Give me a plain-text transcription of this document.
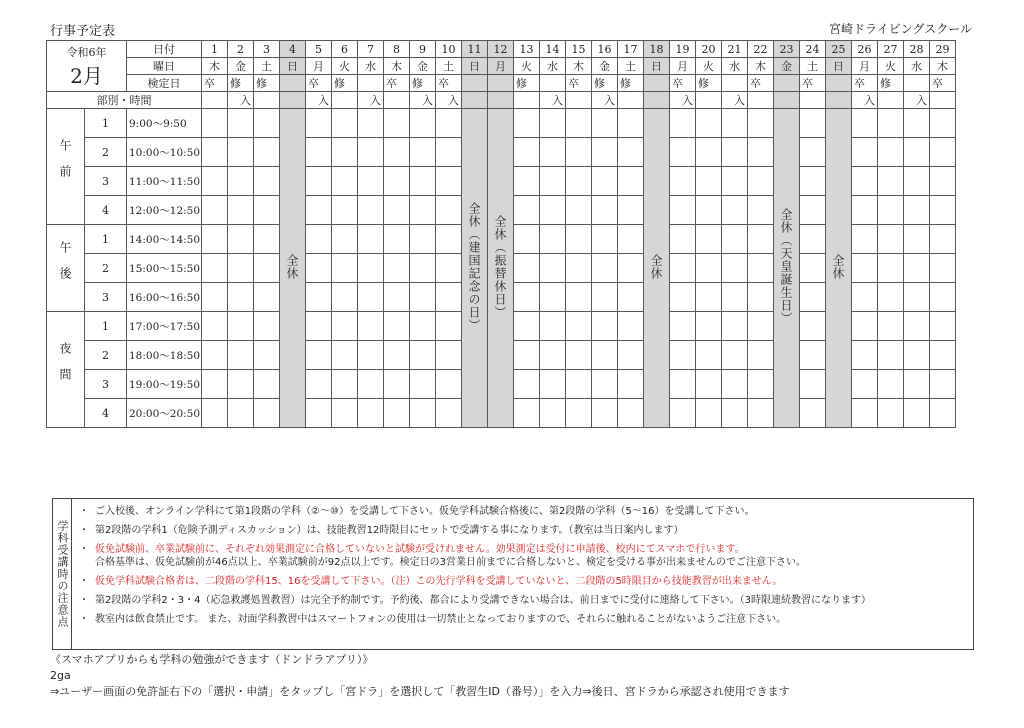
行事予定表	宮崎ドライビングスクール
令和6年
2月		日付	1	2	3	4	5	6	7	8	9	10	11	12	13	14	15	16	17	18	19	20	21	22	23	24	25	26	27	28	29
		曜日	木	金	土	日	月	火	水	木	金	土	日	月	火	水	木	金	土	日	月	火	水	木	金	土	日	月	火	水	木
		検定日	卒	修	修		卒	修		卒	修	卒			修		卒	修	修		卒	修		卒		卒		卒	修		卒
部別・時間				入			入		入		入	入				入		入			入		入					入		入	
午前	1	9:00〜9:50				全休							全休（建国記念の日）	全休（振替休日）						全休					全休（天皇誕生日）		全休				
	2	10:00〜10:50																													
	3	11:00〜11:50																													
	4	12:00〜12:50																													
午後	1	14:00〜14:50																													
	2	15:00〜15:50																													
	3	16:00〜16:50																													
夜間	1	17:00〜17:50																													
	2	18:00〜18:50																													
	3	19:00〜19:50																													
	4	20:00〜20:50																													
学科受講時の注意点
・ ご入校後、オンライン学科にて第1段階の学科（②〜⑩）を受講して下さい。仮免学科試験合格後に、第2段階の学科（5〜16）を受講して下さい。
・ 第2段階の学科1（危険予測ディスカッション）は、技能教習12時限目にセットで受講する事になります。（教室は当日案内します）
・ 仮免試験前、卒業試験前に、それぞれ効果測定に合格していないと試験が受けれません。効果測定は受付に申請後、校内にてスマホで行います。
合格基準は、仮免試験前が46点以上、卒業試験前が92点以上です。検定日の3営業日前までに合格しないと、検定を受ける事が出来ませんのでご注意下さい。
・ 仮免学科試験合格者は、二段階の学科15、16を受講して下さい。（注）この先行学科を受講していないと、二段階の5時限目から技能教習が出来ません。
・ 第2段階の学科2・3・4（応急救護処置教習）は完全予約制です。予約後、都合により受講できない場合は、前日までに受付に連絡して下さい。（3時限連続教習になります）
・ 教室内は飲食禁止です。 また、対面学科教習中はスマートフォンの使用は一切禁止となっておりますので、それらに触れることがないようご注意下さい。
《スマホアプリからも学科の勉強ができます（ドンドラアプリ）》
2ga
⇒ユーザー画面の免許証右下の「選択・申請」をタップし「宮ドラ」を選択して「教習生ID（番号）」を入力⇒後日、宮ドラから承認され使用できます
